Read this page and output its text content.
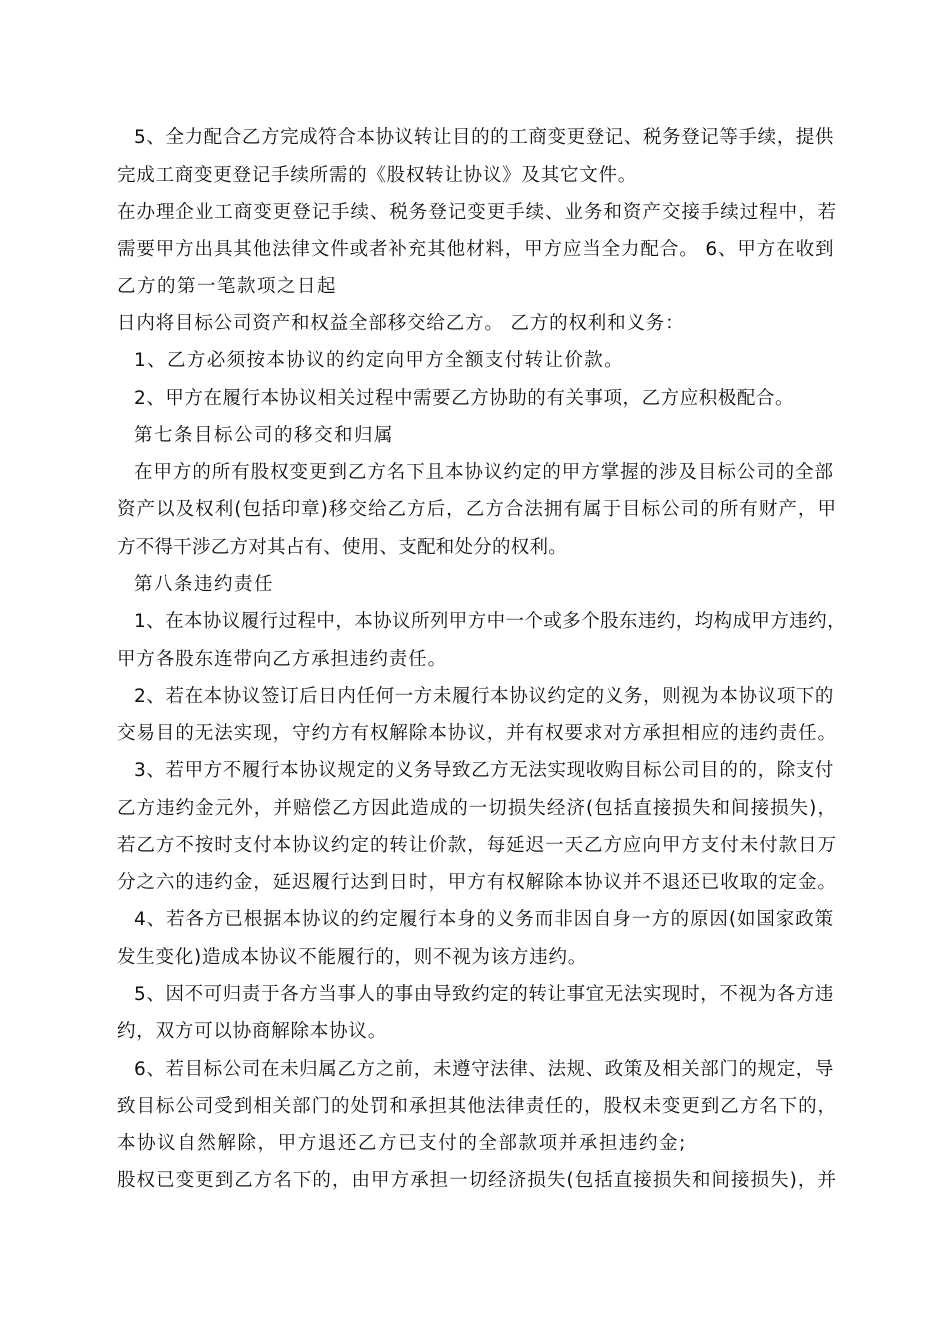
5、全力配合乙方完成符合本协议转让目的的工商变更登记、税务登记等手续，提供
完成工商变更登记手续所需的《股权转让协议》及其它文件。
在办理企业工商变更登记手续、税务登记变更手续、业务和资产交接手续过程中，若
需要甲方出具其他法律文件或者补充其他材料，甲方应当全力配合。 6、甲方在收到
乙方的第一笔款项之日起
日内将目标公司资产和权益全部移交给乙方。 乙方的权利和义务：
1、乙方必须按本协议的约定向甲方全额支付转让价款。
2、甲方在履行本协议相关过程中需要乙方协助的有关事项，乙方应积极配合。
第七条目标公司的移交和归属
在甲方的所有股权变更到乙方名下且本协议约定的甲方掌握的涉及目标公司的全部
资产以及权利(包括印章)移交给乙方后，乙方合法拥有属于目标公司的所有财产，甲
方不得干涉乙方对其占有、使用、支配和处分的权利。
第八条违约责任
1、在本协议履行过程中，本协议所列甲方中一个或多个股东违约，均构成甲方违约，
甲方各股东连带向乙方承担违约责任。
2、若在本协议签订后日内任何一方未履行本协议约定的义务，则视为本协议项下的
交易目的无法实现，守约方有权解除本协议，并有权要求对方承担相应的违约责任。
3、若甲方不履行本协议规定的义务导致乙方无法实现收购目标公司目的的，除支付
乙方违约金元外，并赔偿乙方因此造成的一切损失经济(包括直接损失和间接损失)，
若乙方不按时支付本协议约定的转让价款，每延迟一天乙方应向甲方支付未付款日万
分之六的违约金，延迟履行达到日时，甲方有权解除本协议并不退还已收取的定金。
4、若各方已根据本协议的约定履行本身的义务而非因自身一方的原因(如国家政策
发生变化)造成本协议不能履行的，则不视为该方违约。
5、因不可归责于各方当事人的事由导致约定的转让事宜无法实现时，不视为各方违
约，双方可以协商解除本协议。
6、若目标公司在未归属乙方之前，未遵守法律、法规、政策及相关部门的规定，导
致目标公司受到相关部门的处罚和承担其他法律责任的，股权未变更到乙方名下的，
本协议自然解除，甲方退还乙方已支付的全部款项并承担违约金;
股权已变更到乙方名下的，由甲方承担一切经济损失(包括直接损失和间接损失)，并
